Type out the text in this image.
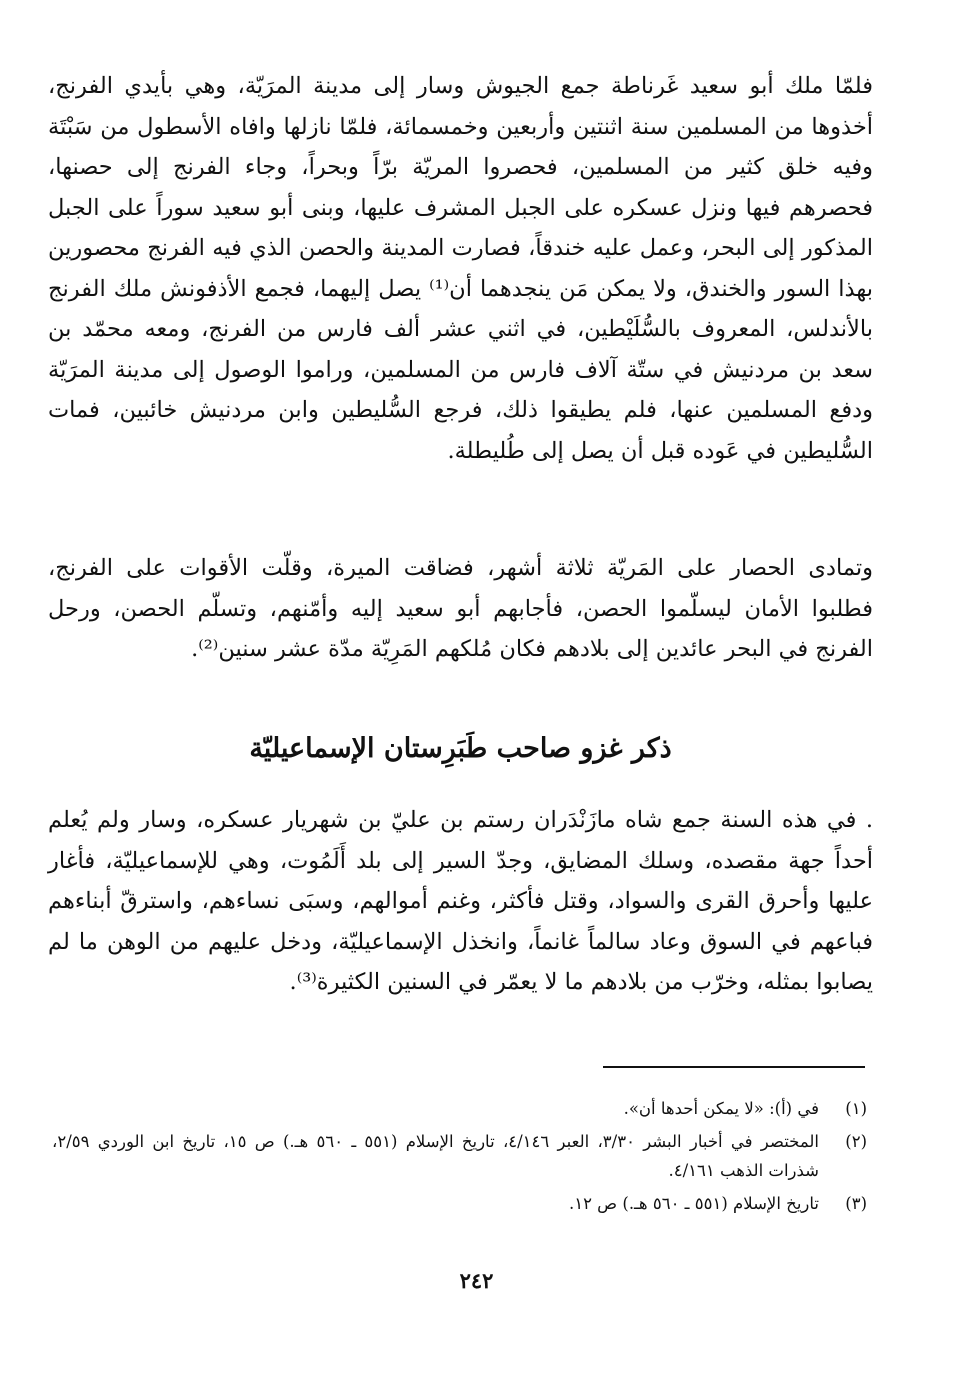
فلمّا ملك أبو سعيد غَرناطة جمع الجيوش وسار إلى مدينة المرَيّة، وهي بأيدي الفرنج، أخذوها من المسلمين سنة اثنتين وأربعين وخمسمائة، فلمّا نازلها وافاه الأسطول من سَبْتَة وفيه خلق كثير من المسلمين، فحصروا المريّة برّاً وبحراً، وجاء الفرنج إلى حصنها، فحصرهم فيها ونزل عسكره على الجبل المشرف عليها، وبنى أبو سعيد سوراً على الجبل المذكور إلى البحر، وعمل عليه خندقاً، فصارت المدينة والحصن الذي فيه الفرنج محصورين بهذا السور والخندق، ولا يمكن مَن ينجدهما أن⁽¹⁾ يصل إليهما، فجمع الأذفونش ملك الفرنج بالأندلس، المعروف بالسُّلَيْطين، في اثني عشر ألف فارس من الفرنج، ومعه محمّد بن سعد بن مردنيش في ستّة آلاف فارس من المسلمين، وراموا الوصول إلى مدينة المرَيّة ودفع المسلمين عنها، فلم يطيقوا ذلك، فرجع السُّليطين وابن مردنيش خائبين، فمات السُّليطين في عَوده قبل أن يصل إلى طُليطلة.

وتمادى الحصار على المَريّة ثلاثة أشهر، فضاقت الميرة، وقلّت الأقوات على الفرنج، فطلبوا الأمان ليسلّموا الحصن، فأجابهم أبو سعيد إليه وأمّنهم، وتسلّم الحصن، ورحل الفرنج في البحر عائدين إلى بلادهم فكان مُلكهم المَرِيّة مدّة عشر سنين⁽²⁾.

ذكر غزو صاحب طَبَرِستان الإسماعيليّة

. في هذه السنة جمع شاه مازَنْدَران رستم بن عليّ بن شهريار عسكره، وسار ولم يُعلم أحداً جهة مقصده، وسلك المضايق، وجدّ السير إلى بلد أَلَمُوت، وهي للإسماعيليّة، فأغار عليها وأحرق القرى والسواد، وقتل فأكثر، وغنم أموالهم، وسبَى نساءهم، واسترقّ أبناءهم فباعهم في السوق وعاد سالماً غانماً، وانخذل الإسماعيليّة، ودخل عليهم من الوهن ما لم يصابوا بمثله، وخرّب من بلادهم ما لا يعمّر في السنين الكثيرة⁽³⁾.

(١)
في (أ): «لا يمكن أحدها أن».
(٢)
المختصر في أخبار البشر ٣/٣٠، العبر ٤/١٤٦، تاريخ الإسلام (٥٥١ ـ ٥٦٠ هـ.) ص ١٥، تاريخ ابن الوردي ٢/٥٩، شذرات الذهب ٤/١٦١.
(٣)
تاريخ الإسلام (٥٥١ ـ ٥٦٠ هـ.) ص ١٢.
٢٤٢
